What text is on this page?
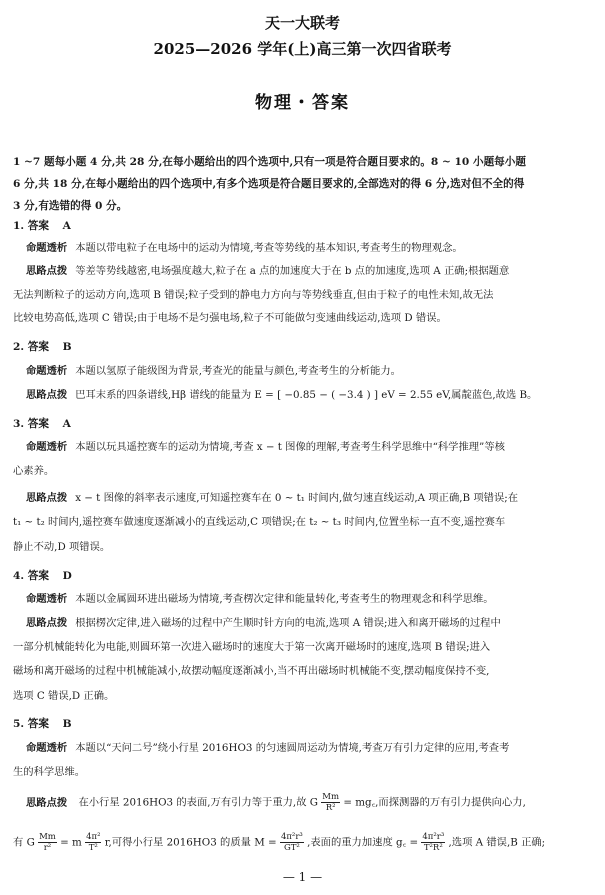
天一大联考
2025—2026 学年(上)高三第一次四省联考
物理・答案
1 ~7 题每小题 4 分,共 28 分,在每小题给出的四个选项中,只有一项是符合题目要求的。8 ~ 10 小题每小题
6 分,共 18 分,在每小题给出的四个选项中,有多个选项是符合题目要求的,全部选对的得 6 分,选对但不全的得
3 分,有选错的得 0 分。
1. 答案 A
命题透析 本题以带电粒子在电场中的运动为情境,考查等势线的基本知识,考查考生的物理观念。
思路点拨 等差等势线越密,电场强度越大,粒子在 a 点的加速度大于在 b 点的加速度,选项 A 正确;根据题意
无法判断粒子的运动方向,选项 B 错误;粒子受到的静电力方向与等势线垂直,但由于粒子的电性未知,故无法
比较电势高低,选项 C 错误;由于电场不是匀强电场,粒子不可能做匀变速曲线运动,选项 D 错误。
2. 答案 B
命题透析 本题以氢原子能级图为背景,考查光的能量与颜色,考查考生的分析能力。
思路点拨 巴耳末系的四条谱线,Hβ 谱线的能量为 E = [ −0.85 − ( −3.4 ) ] eV = 2.55 eV,属靛蓝色,故选 B。
3. 答案 A
命题透析 本题以玩具遥控赛车的运动为情境,考查 x − t 图像的理解,考查考生科学思维中“科学推理”等核
心素养。
思路点拨 x − t 图像的斜率表示速度,可知遥控赛车在 0 ~ t₁ 时间内,做匀速直线运动,A 项正确,B 项错误;在
t₁ ~ t₂ 时间内,遥控赛车做速度逐渐减小的直线运动,C 项错误;在 t₂ ~ t₃ 时间内,位置坐标一直不变,遥控赛车
静止不动,D 项错误。
4. 答案 D
命题透析 本题以金属圆环进出磁场为情境,考查楞次定律和能量转化,考查考生的物理观念和科学思维。
思路点拨 根据楞次定律,进入磁场的过程中产生顺时针方向的电流,选项 A 错误;进入和离开磁场的过程中
一部分机械能转化为电能,则圆环第一次进入磁场时的速度大于第一次离开磁场时的速度,选项 B 错误;进入
磁场和离开磁场的过程中机械能减小,故摆动幅度逐渐减小,当不再出磁场时机械能不变,摆动幅度保持不变,
选项 C 错误,D 正确。
5. 答案 B
命题透析 本题以“天问二号”绕小行星 2016HO3 的匀速圆周运动为情境,考查万有引力定律的应用,考查考
生的科学思维。
思路点拨 在小行星 2016HO3 的表面,万有引力等于重力,故 G $\frac{Mm}{\text{R²}}$ = mg꜀,而探测器的万有引力提供向心力,
有 G $\frac{Mm}{\text{r²}} = m \frac{\text{4π²}}{\text{T²}} r$,可得小行星 2016HO3 的质量 $M = \frac{\text{4π²r³}}{\text{GT²}}$ ,表面的重力加速度 g꜀ = $\frac{\text{4π²r³}}{\text{T²R²}}$ ,选项 A 错误,B 正确;
— 1 —
